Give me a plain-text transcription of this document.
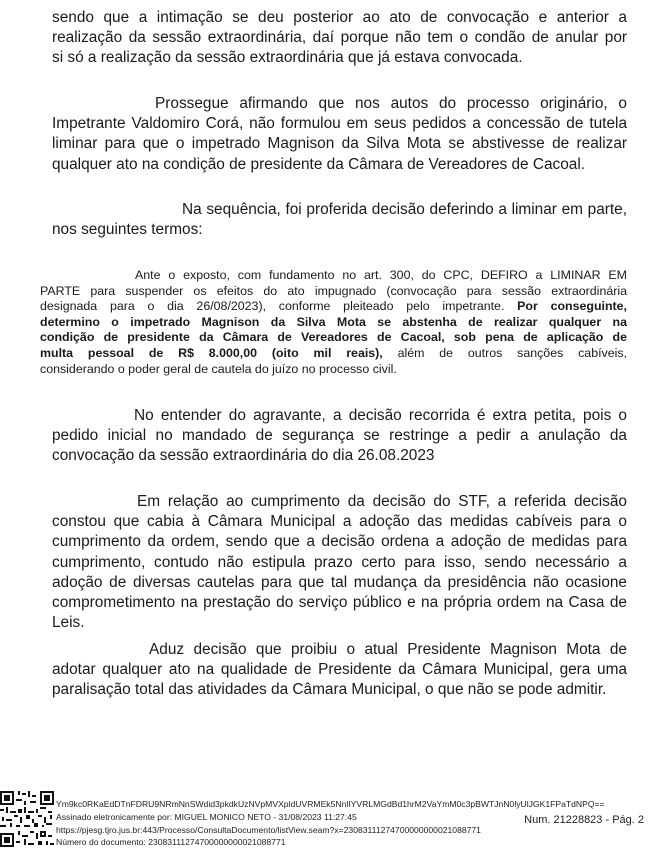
sendo que a intimação se deu posterior ao ato de convocação e anterior a
realização da sessão extraordinária, daí porque não tem o condão de anular por
si só a realização da sessão extraordinária que já estava convocada.
Prossegue afirmando que nos autos do processo originário, o
Impetrante Valdomiro Corá, não formulou em seus pedidos a concessão de tutela
liminar para que o impetrado Magnison da Silva Mota se abstivesse de realizar
qualquer ato na condição de presidente da Câmara de Vereadores de Cacoal.
Na sequência, foi proferida decisão deferindo a liminar em parte,
nos seguintes termos:
Ante o exposto, com fundamento no art. 300, do CPC, DEFIRO a LIMINAR EM
PARTE para suspender os efeitos do ato impugnado (convocação para sessão extraordinária
designada para o dia 26/08/2023), conforme pleiteado pelo impetrante. Por conseguinte,
determino o impetrado Magnison da Silva Mota se abstenha de realizar qualquer na
condição de presidente da Câmara de Vereadores de Cacoal, sob pena de aplicação de
multa pessoal de R$ 8.000,00 (oito mil reais), além de outros sanções cabíveis,
considerando o poder geral de cautela do juízo no processo civil.
No entender do agravante, a decisão recorrida é extra petita, pois o
pedido inicial no mandado de segurança se restringe a pedir a anulação da
convocação da sessão extraordinária do dia 26.08.2023
Em relação ao cumprimento da decisão do STF, a referida decisão
constou que cabia à Câmara Municipal a adoção das medidas cabíveis para o
cumprimento da ordem, sendo que a decisão ordena a adoção de medidas para
cumprimento, contudo não estipula prazo certo para isso, sendo necessário a
adoção de diversas cautelas para que tal mudança da presidência não ocasione
comprometimento na prestação do serviço público e na própria ordem na Casa de
Leis.
Aduz decisão que proibiu o atual Presidente Magnison Mota de
adotar qualquer ato na qualidade de Presidente da Câmara Municipal, gera uma
paralisação total das atividades da Câmara Municipal, o que não se pode admitir.
Ym9kc0RKaEdDTnFDRU9NRmNnSWdid3pkdkUzNVpMVXpldUVRMEk5NnlIYVRLMGdBd1hrM2VaYmM0c3pBWTJnN0lyUlJGK1FPaTdNPQ==
Assinado eletronicamente por: MIGUEL MONICO NETO - 31/08/2023 11:27:45
https://pjesg.tjro.jus.br:443/Processo/ConsultaDocumento/listView.seam?x=23083111274700000000021088771
Número do documento: 23083111274700000000021088771
Num. 21228823 - Pág. 2
